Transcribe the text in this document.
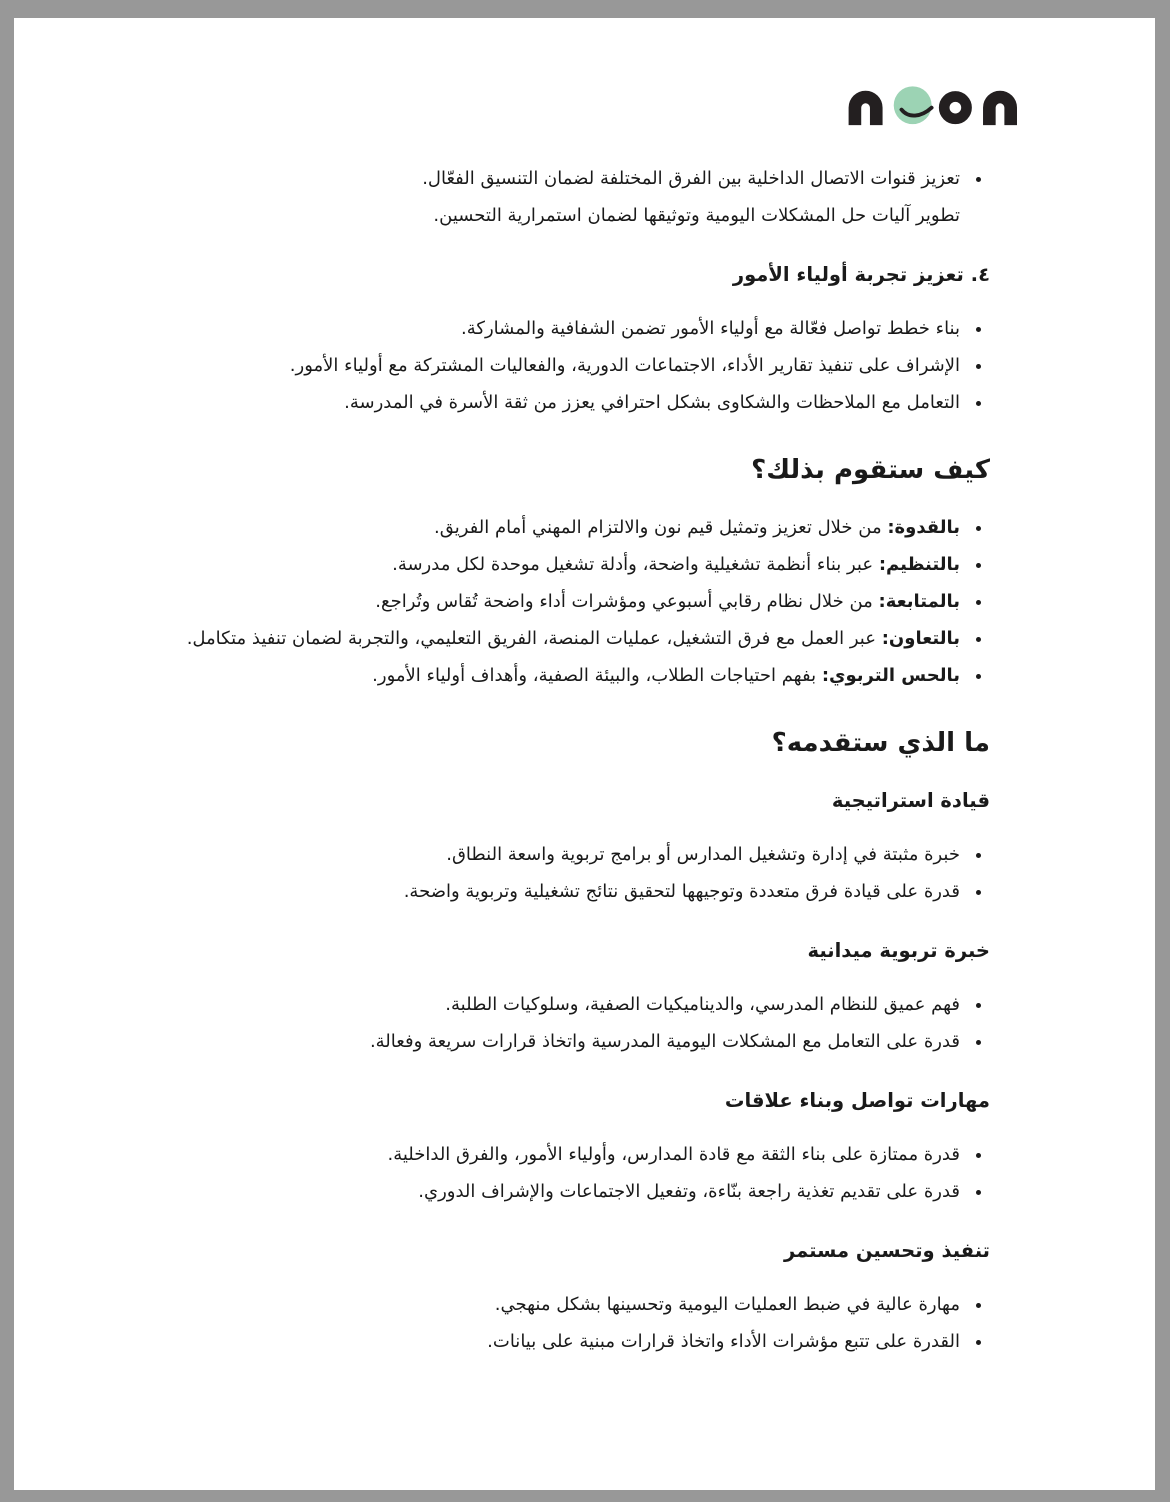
• تعزيز قنوات الاتصال الداخلية بين الفرق المختلفة لضمان التنسيق الفعّال.
تطوير آليات حل المشكلات اليومية وتوثيقها لضمان استمرارية التحسين.
٤. تعزيز تجربة أولياء الأمور
• بناء خطط تواصل فعّالة مع أولياء الأمور تضمن الشفافية والمشاركة.
• الإشراف على تنفيذ تقارير الأداء، الاجتماعات الدورية، والفعاليات المشتركة مع أولياء الأمور.
• التعامل مع الملاحظات والشكاوى بشكل احترافي يعزز من ثقة الأسرة في المدرسة.
كيف ستقوم بذلك؟
• بالقدوة: من خلال تعزيز وتمثيل قيم نون والالتزام المهني أمام الفريق.
• بالتنظيم: عبر بناء أنظمة تشغيلية واضحة، وأدلة تشغيل موحدة لكل مدرسة.
• بالمتابعة: من خلال نظام رقابي أسبوعي ومؤشرات أداء واضحة تُقاس وتُراجع.
• بالتعاون: عبر العمل مع فرق التشغيل، عمليات المنصة، الفريق التعليمي، والتجربة لضمان تنفيذ متكامل.
• بالحس التربوي: بفهم احتياجات الطلاب، والبيئة الصفية، وأهداف أولياء الأمور.
ما الذي ستقدمه؟
قيادة استراتيجية
• خبرة مثبتة في إدارة وتشغيل المدارس أو برامج تربوية واسعة النطاق.
• قدرة على قيادة فرق متعددة وتوجيهها لتحقيق نتائج تشغيلية وتربوية واضحة.
خبرة تربوية ميدانية
• فهم عميق للنظام المدرسي، والديناميكيات الصفية، وسلوكيات الطلبة.
• قدرة على التعامل مع المشكلات اليومية المدرسية واتخاذ قرارات سريعة وفعالة.
مهارات تواصل وبناء علاقات
• قدرة ممتازة على بناء الثقة مع قادة المدارس، وأولياء الأمور، والفرق الداخلية.
• قدرة على تقديم تغذية راجعة بنّاءة، وتفعيل الاجتماعات والإشراف الدوري.
تنفيذ وتحسين مستمر
• مهارة عالية في ضبط العمليات اليومية وتحسينها بشكل منهجي.
• القدرة على تتبع مؤشرات الأداء واتخاذ قرارات مبنية على بيانات.
